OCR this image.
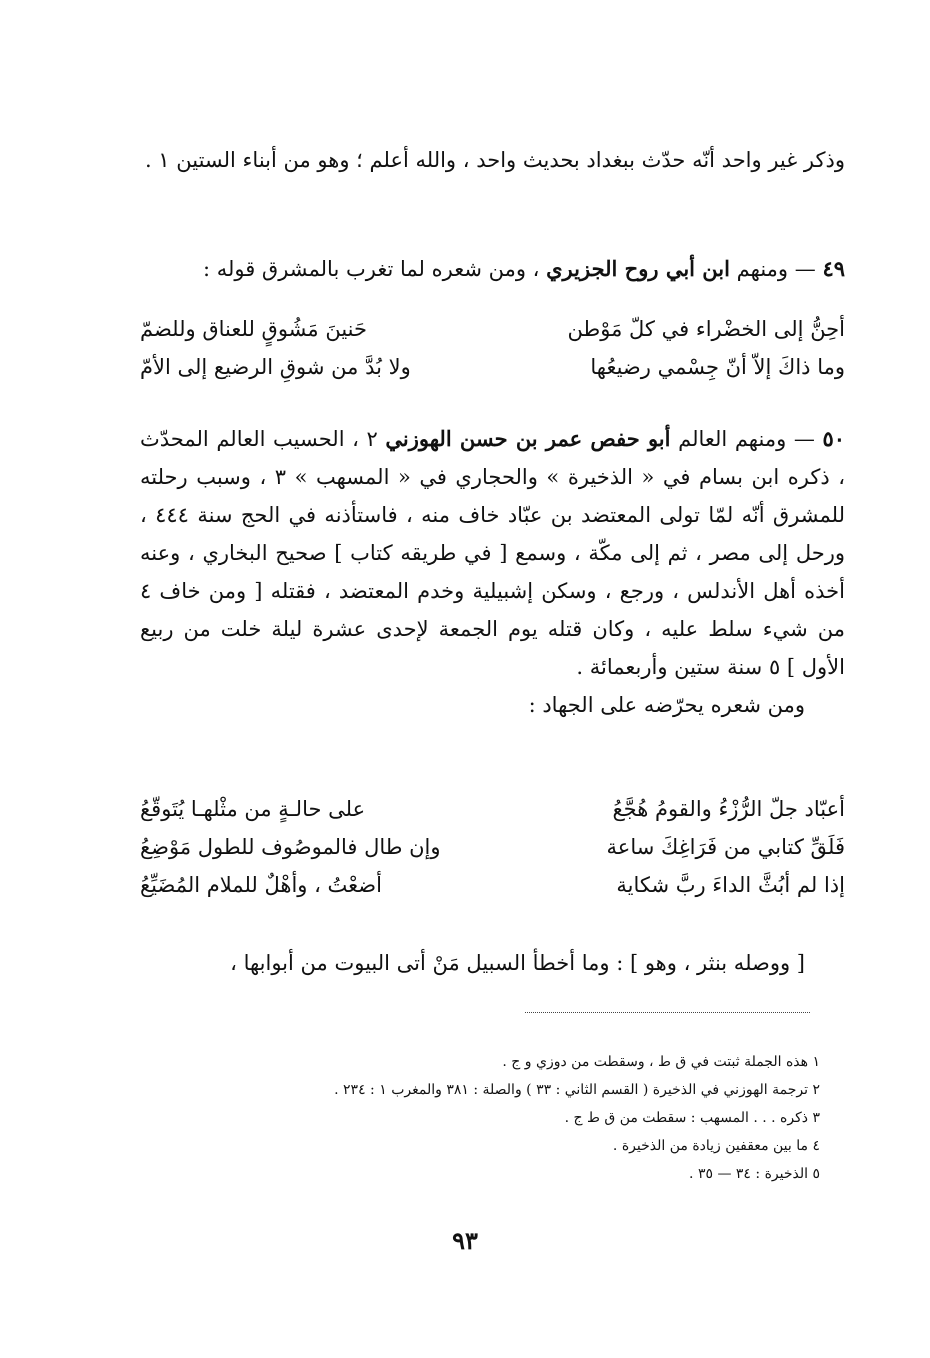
وذكر غير واحد أنّه حدّث ببغداد بحديث واحد ، والله أعلم ؛ وهو من أبناء الستين ١ .

٤٩ — ومنهم ابن أبي روح الجزيري ، ومن شعره لما تغرب بالمشرق قوله :

أحِنُّ إلى الخضْراء في كلّ مَوْطن
حَنينَ مَشُوقٍ للعناق وللضمّ
وما ذاكَ إلاّ أنّ جِسْمي رضيعُها
ولا بُدَّ من شوقِ الرضيع إلى الأمّ

٥٠ — ومنهم العالم أبو حفص عمر بن حسن الهوزني ٢ ، الحسيب العالم المحدّث ، ذكره ابن بسام في « الذخيرة » والحجاري في « المسهب » ٣ ، وسبب رحلته للمشرق أنّه لمّا تولى المعتضد بن عبّاد خاف منه ، فاستأذنه في الحج سنة ٤٤٤ ، ورحل إلى مصر ، ثم إلى مكّة ، وسمع [ في طريقه كتاب ] صحيح البخاري ، وعنه أخذه أهل الأندلس ، ورجع ، وسكن إشبيلية وخدم المعتضد ، فقتله [ ومن خاف ٤ من شيء سلط عليه ، وكان قتله يوم الجمعة لإحدى عشرة ليلة خلت من ربيع الأول ] ٥ سنة ستين وأربعمائة .

ومن شعره يحرّضه على الجهاد :

أعبّاد جلّ الرُّزْءُ والقومُ هُجَّعُ
على حالـةٍ من مثْلهـا يُتَوقّعُ
فَلَقِّ كتابي من فَرَاغِكَ ساعة
وإن طال فالموصُوف للطول مَوْضِعُ
إذا لم أبُثَّ الداءَ ربَّ شكاية
أضعْتُ ، وأهْلٌ للملام المُضَيِّعُ

[ ووصله بنثر ، وهو ] : وما أخطأ السبيل مَنْ أتى البيوت من أبوابها ،

١ هذه الجملة ثبتت في ق ط ، وسقطت من دوزي و ج .

٢ ترجمة الهوزني في الذخيرة ( القسم الثاني : ٣٣ ) والصلة : ٣٨١ والمغرب ١ : ٢٣٤ .

٣ ذكره . . . المسهب : سقطت من ق ط ج .

٤ ما بين معقفين زيادة من الذخيرة .

٥ الذخيرة : ٣٤ — ٣٥ .

٩٣
